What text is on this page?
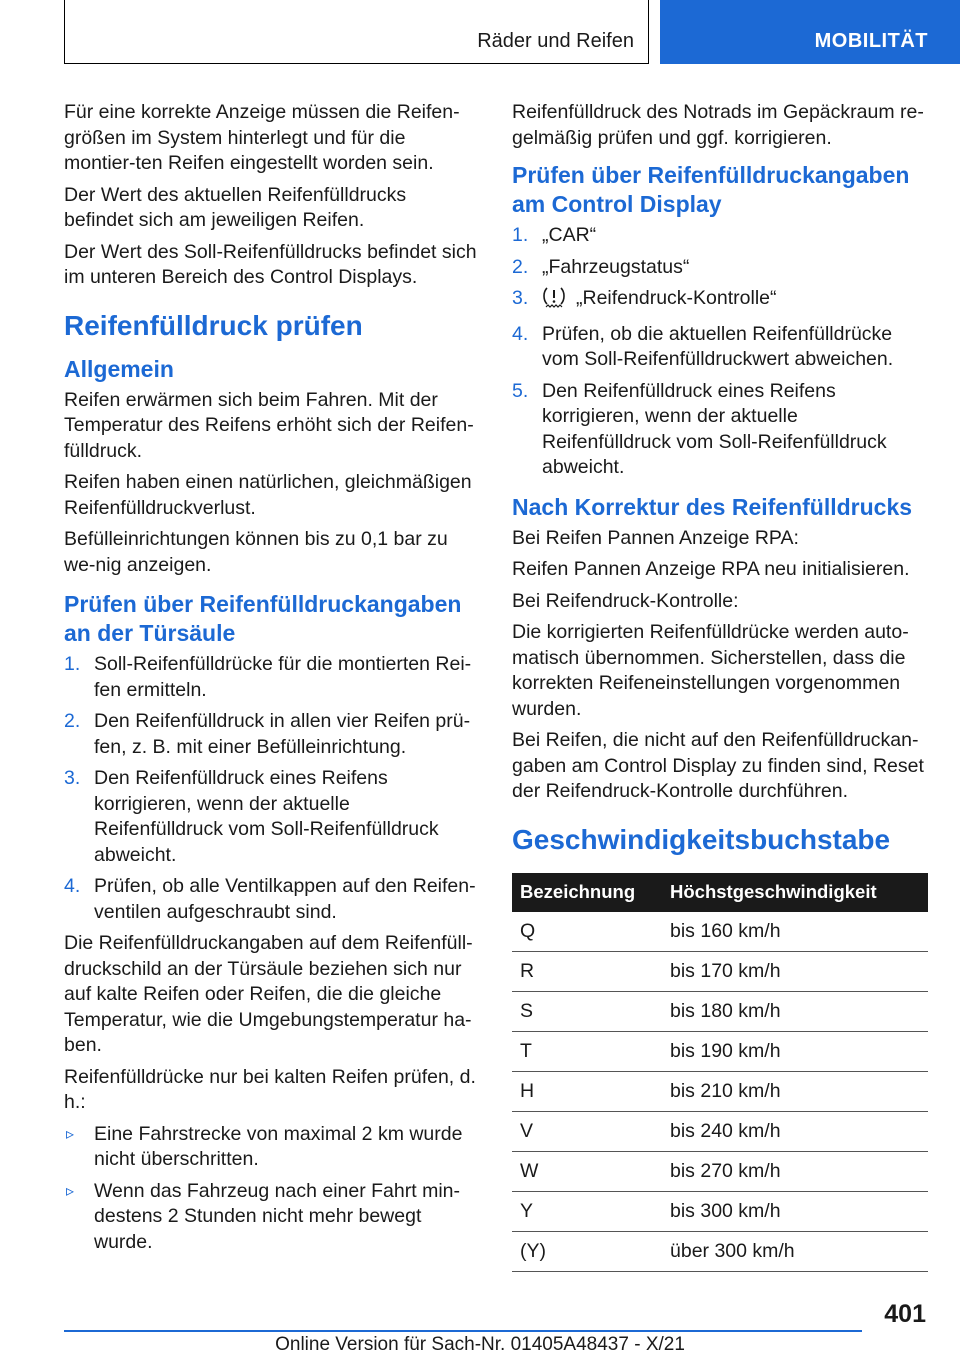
Räder und Reifen	MOBILITÄT

Für eine korrekte Anzeige müssen die Reifen‐größen im System hinterlegt und für die montier‐ten Reifen eingestellt worden sein.

Der Wert des aktuellen Reifenfülldrucks befindet sich am jeweiligen Reifen.

Der Wert des Soll-Reifenfülldrucks befindet sich im unteren Bereich des Control Displays.

Reifenfülldruck prüfen
Allgemein

Reifen erwärmen sich beim Fahren. Mit der Temperatur des Reifens erhöht sich der Reifen‐fülldruck.

Reifen haben einen natürlichen, gleichmäßigen Reifenfülldruckverlust.

Befülleinrichtungen können bis zu 0,1 bar zu we‐nig anzeigen.

Prüfen über Reifenfülldruckangaben an der Türsäule
1. Soll-Reifenfülldrücke für die montierten Rei‐fen ermitteln.
2. Den Reifenfülldruck in allen vier Reifen prü‐fen, z. B. mit einer Befülleinrichtung.
3. Den Reifenfülldruck eines Reifens korrigieren, wenn der aktuelle Reifenfülldruck vom Soll-Reifenfülldruck abweicht.
4. Prüfen, ob alle Ventilkappen auf den Reifen‐ventilen aufgeschraubt sind.

Die Reifenfülldruckangaben auf dem Reifenfüll‐druckschild an der Türsäule beziehen sich nur auf kalte Reifen oder Reifen, die die gleiche Temperatur, wie die Umgebungstemperatur ha‐ben.

Reifenfülldrücke nur bei kalten Reifen prüfen, d. h.:

▹ Eine Fahrstrecke von maximal 2 km wurde nicht überschritten.
▹ Wenn das Fahrzeug nach einer Fahrt min‐destens 2 Stunden nicht mehr bewegt wurde.

Reifenfülldruck des Notrads im Gepäckraum re‐gelmäßig prüfen und ggf. korrigieren.

Prüfen über Reifenfülldruckangaben am Control Display
1. „CAR“
2. „Fahrzeugstatus“
3. „Reifendruck-Kontrolle“
4. Prüfen, ob die aktuellen Reifenfülldrücke vom Soll-Reifenfülldruckwert abweichen.
5. Den Reifenfülldruck eines Reifens korrigieren, wenn der aktuelle Reifenfülldruck vom Soll-Reifenfülldruck abweicht.
Nach Korrektur des Reifenfülldrucks

Bei Reifen Pannen Anzeige RPA:

Reifen Pannen Anzeige RPA neu initialisieren.

Bei Reifendruck-Kontrolle:

Die korrigierten Reifenfülldrücke werden auto‐matisch übernommen. Sicherstellen, dass die korrekten Reifeneinstellungen vorgenommen wurden.

Bei Reifen, die nicht auf den Reifenfülldruckan‐gaben am Control Display zu finden sind, Reset der Reifendruck-Kontrolle durchführen.

Geschwindigkeitsbuchstabe
Bezeichnung	Höchstgeschwindigkeit
Q	bis 160 km/h
R	bis 170 km/h
S	bis 180 km/h
T	bis 190 km/h
H	bis 210 km/h
V	bis 240 km/h
W	bis 270 km/h
Y	bis 300 km/h
(Y)	über 300 km/h
401
Online Version für Sach-Nr. 01405A48437 - X/21
